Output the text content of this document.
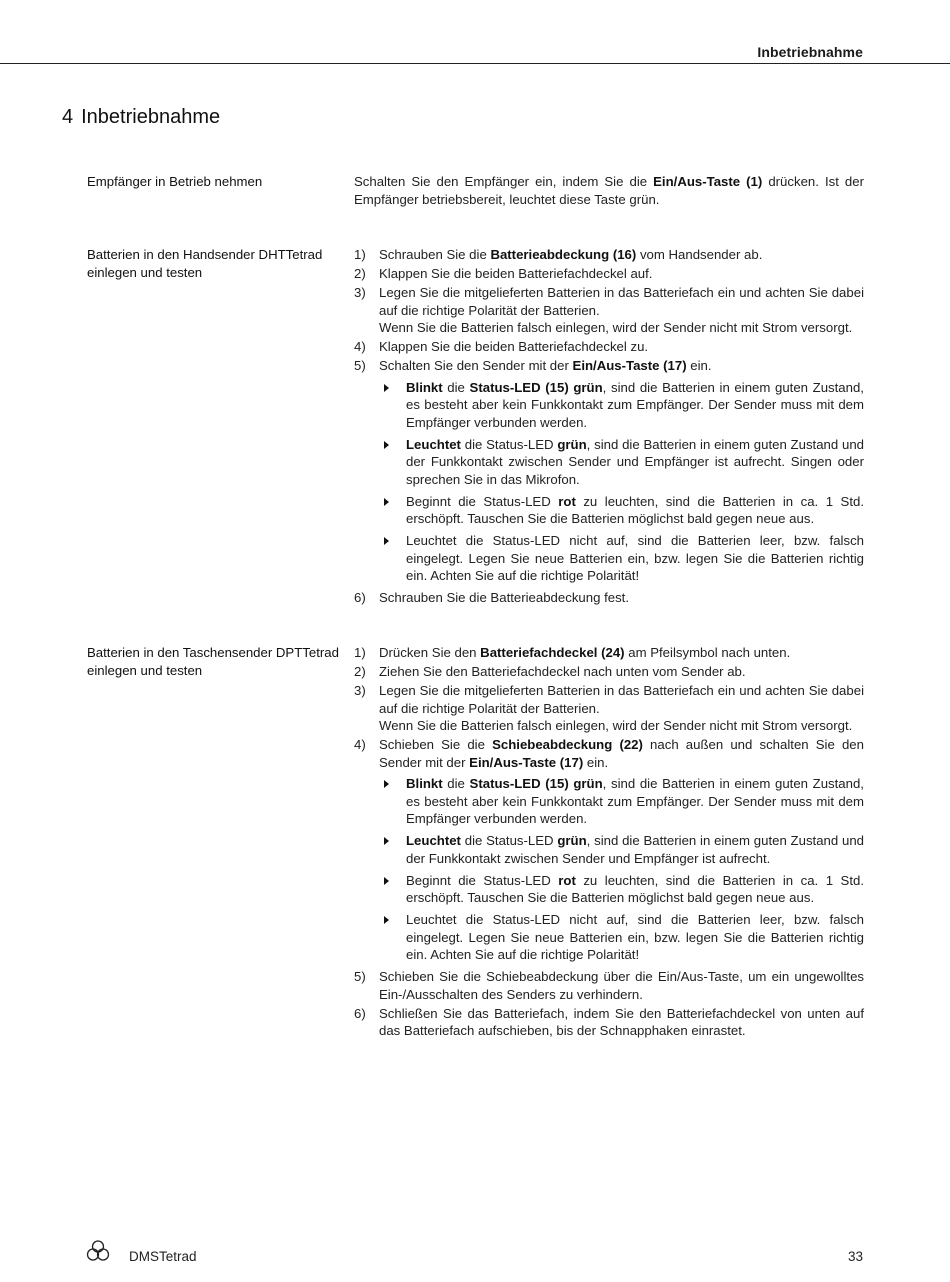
Inbetriebnahme
4 Inbetriebnahme
Empfänger in Betrieb nehmen	Schalten Sie den Empfänger ein, indem Sie die Ein/Aus-Taste (1) drücken. Ist der Empfänger betriebsbereit, leuchtet diese Taste grün.

Batterien in den Handsender DHTTetrad einlegen und testen
1)	Schrauben Sie die Batterieabdeckung (16) vom Handsender ab.
2)	Klappen Sie die beiden Batteriefachdeckel auf.
3)	Legen Sie die mitgelieferten Batterien in das Batteriefach ein und achten Sie dabei auf die richtige Polarität der Batterien.
Wenn Sie die Batterien falsch einlegen, wird der Sender nicht mit Strom versorgt.
4)	Klappen Sie die beiden Batteriefachdeckel zu.
5)	Schalten Sie den Sender mit der Ein/Aus-Taste (17) ein.
Blinkt die Status-LED (15) grün, sind die Batterien in einem guten Zustand, es besteht aber kein Funkkontakt zum Empfänger. Der Sender muss mit dem Empfänger verbunden werden.
Leuchtet die Status-LED grün, sind die Batterien in einem guten Zustand und der Funkkontakt zwischen Sender und Empfänger ist aufrecht. Singen oder sprechen Sie in das Mikrofon.
Beginnt die Status-LED rot zu leuchten, sind die Batterien in ca. 1 Std. erschöpft. Tauschen Sie die Batterien möglichst bald gegen neue aus.
Leuchtet die Status-LED nicht auf, sind die Batterien leer, bzw. falsch eingelegt. Legen Sie neue Batterien ein, bzw. legen Sie die Batterien richtig ein. Achten Sie auf die richtige Polarität!
6)	Schrauben Sie die Batterieabdeckung fest.
Batterien in den Taschensender DPTTetrad einlegen und testen
1)	Drücken Sie den Batteriefachdeckel (24) am Pfeilsymbol nach unten.
2)	Ziehen Sie den Batteriefachdeckel nach unten vom Sender ab.
3)	Legen Sie die mitgelieferten Batterien in das Batteriefach ein und achten Sie dabei auf die richtige Polarität der Batterien.
Wenn Sie die Batterien falsch einlegen, wird der Sender nicht mit Strom versorgt.
4)	Schieben Sie die Schiebeabdeckung (22) nach außen und schalten Sie den Sender mit der Ein/Aus-Taste (17) ein.
Blinkt die Status-LED (15) grün, sind die Batterien in einem guten Zustand, es besteht aber kein Funkkontakt zum Empfänger. Der Sender muss mit dem Empfänger verbunden werden.
Leuchtet die Status-LED grün, sind die Batterien in einem guten Zustand und der Funkkontakt zwischen Sender und Empfänger ist aufrecht.
Beginnt die Status-LED rot zu leuchten, sind die Batterien in ca. 1 Std. erschöpft. Tauschen Sie die Batterien möglichst bald gegen neue aus.
Leuchtet die Status-LED nicht auf, sind die Batterien leer, bzw. falsch eingelegt. Legen Sie neue Batterien ein, bzw. legen Sie die Batterien richtig ein. Achten Sie auf die richtige Polarität!
5)	Schieben Sie die Schiebeabdeckung über die Ein/Aus-Taste, um ein ungewolltes Ein-/Ausschalten des Senders zu verhindern.
6)	Schließen Sie das Batteriefach, indem Sie den Batteriefachdeckel von unten auf das Batteriefach aufschieben, bis der Schnapphaken einrastet.
DMSTetrad	33
